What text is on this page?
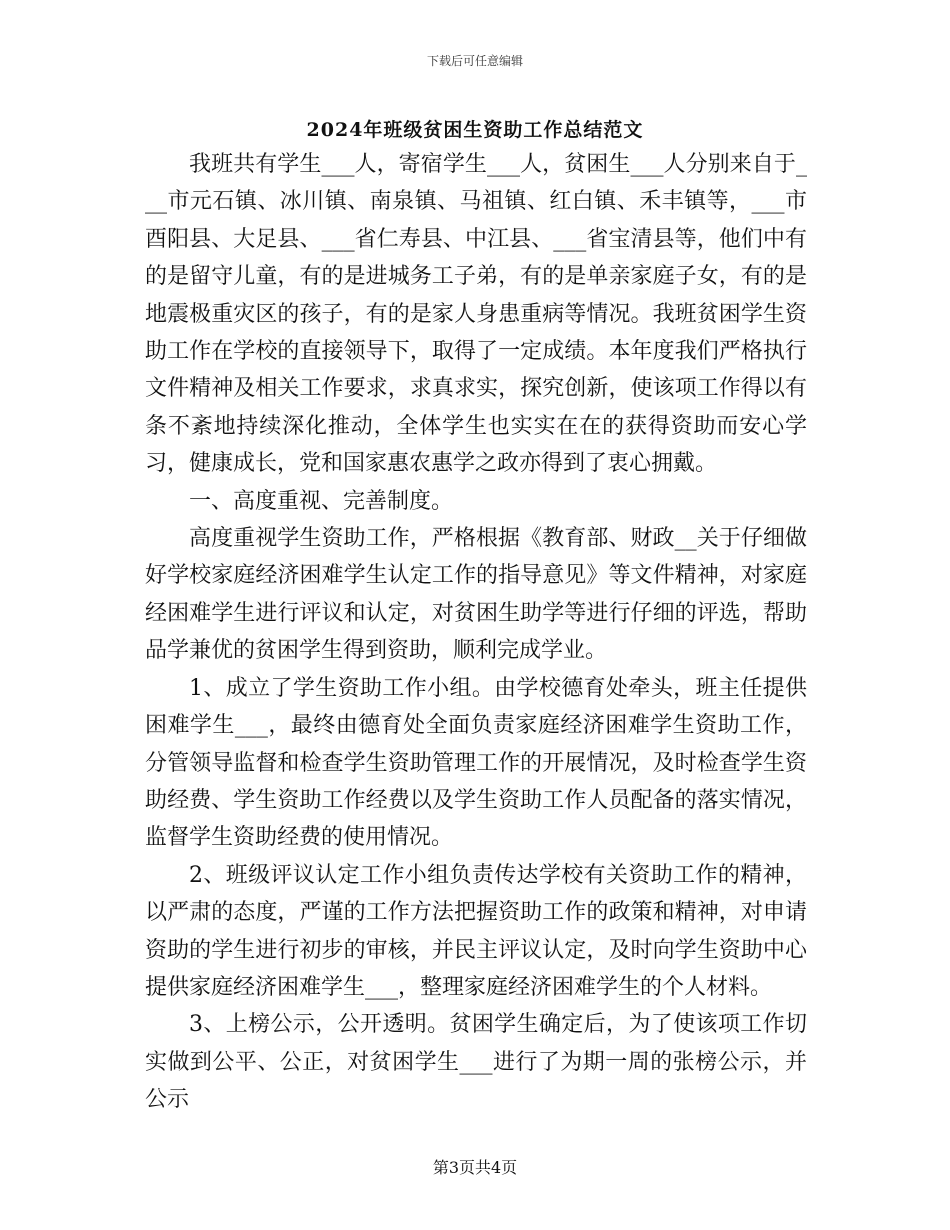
下载后可任意编辑
2024年班级贫困生资助工作总结范文

我班共有学生___人，寄宿学生___人，贫困生___人分别来自于___市元石镇、冰川镇、南泉镇、马祖镇、红白镇、禾丰镇等，___市酉阳县、大足县、___省仁寿县、中江县、___省宝清县等，他们中有的是留守儿童，有的是进城务工子弟，有的是单亲家庭子女，有的是地震极重灾区的孩子，有的是家人身患重病等情况。我班贫困学生资助工作在学校的直接领导下，取得了一定成绩。本年度我们严格执行文件精神及相关工作要求，求真求实，探究创新，使该项工作得以有条不紊地持续深化推动，全体学生也实实在在的获得资助而安心学习，健康成长，党和国家惠农惠学之政亦得到了衷心拥戴。

一、高度重视、完善制度。

高度重视学生资助工作，严格根据《教育部、财政__关于仔细做好学校家庭经济困难学生认定工作的指导意见》等文件精神，对家庭经困难学生进行评议和认定，对贫困生助学等进行仔细的评选，帮助品学兼优的贫困学生得到资助，顺利完成学业。

1、成立了学生资助工作小组。由学校德育处牵头，班主任提供困难学生___，最终由德育处全面负责家庭经济困难学生资助工作，分管领导监督和检查学生资助管理工作的开展情况，及时检查学生资助经费、学生资助工作经费以及学生资助工作人员配备的落实情况，监督学生资助经费的使用情况。

2、班级评议认定工作小组负责传达学校有关资助工作的精神，以严肃的态度，严谨的工作方法把握资助工作的政策和精神，对申请资助的学生进行初步的审核，并民主评议认定，及时向学生资助中心提供家庭经济困难学生___，整理家庭经济困难学生的个人材料。

3、上榜公示，公开透明。贫困学生确定后，为了使该项工作切实做到公平、公正，对贫困学生___进行了为期一周的张榜公示，并公示

第3页共4页
